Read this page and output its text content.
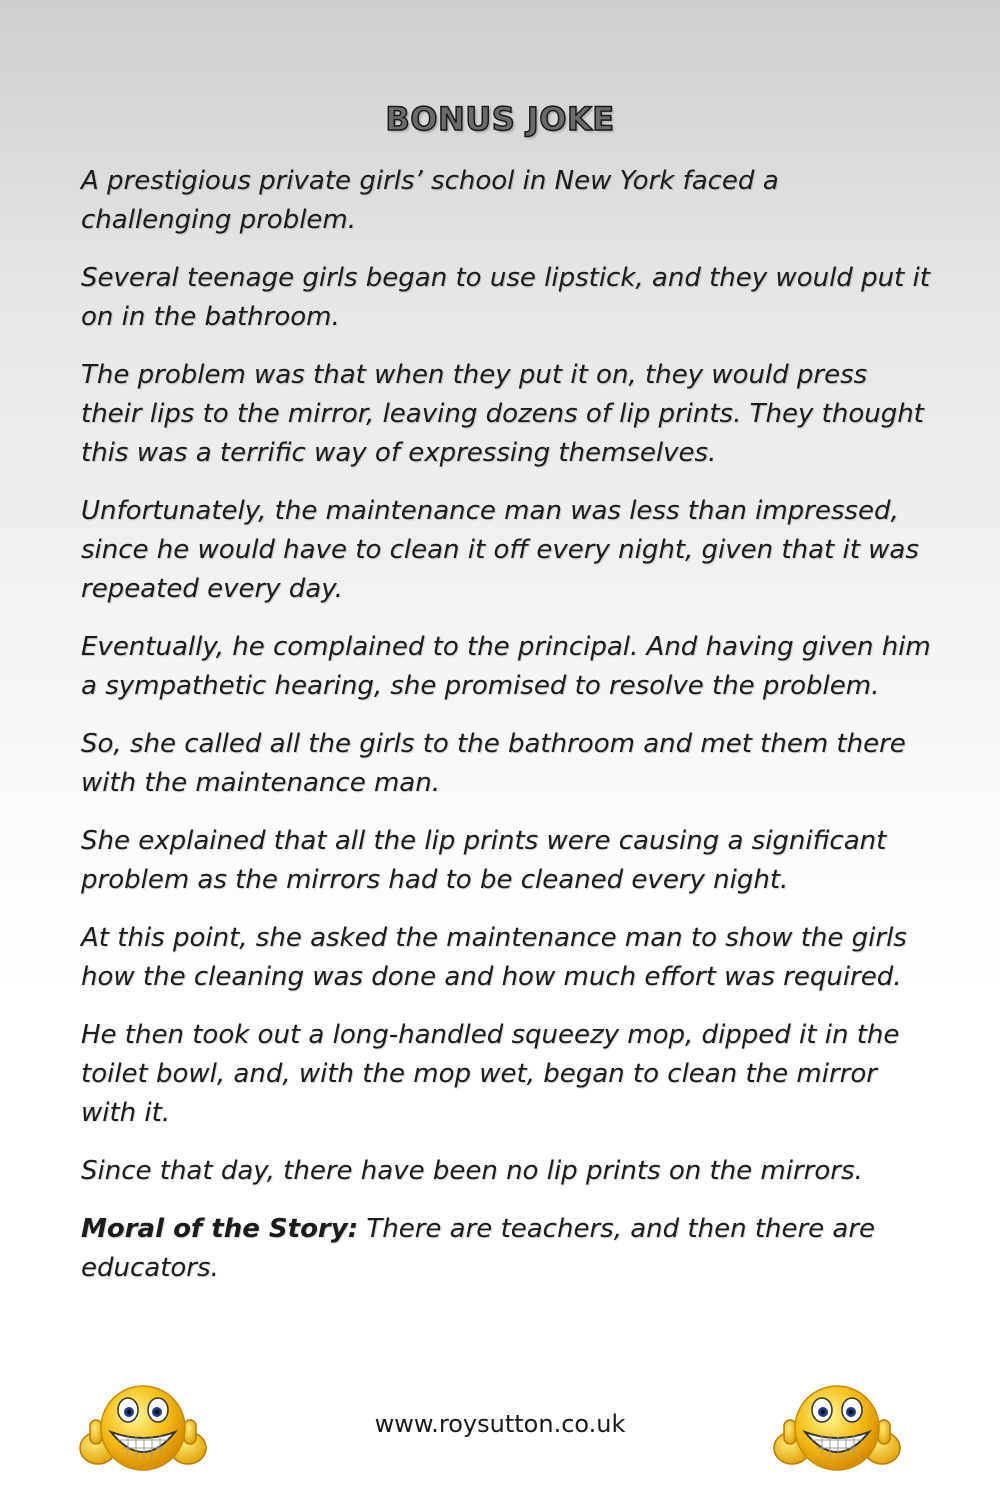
BONUS JOKE

A prestigious private girls’ school in New York faced a challenging problem.

Several teenage girls began to use lipstick, and they would put it on in the bathroom.

The problem was that when they put it on, they would press their lips to the mirror, leaving dozens of lip prints. They thought this was a terrific way of expressing themselves.

Unfortunately, the maintenance man was less than impressed, since he would have to clean it off every night, given that it was repeated every day.

Eventually, he complained to the principal. And having given him a sympathetic hearing, she promised to resolve the problem.

So, she called all the girls to the bathroom and met them there with the maintenance man.

She explained that all the lip prints were causing a significant problem as the mirrors had to be cleaned every night.

At this point, she asked the maintenance man to show the girls how the cleaning was done and how much effort was required.

He then took out a long-handled squeezy mop, dipped it in the toilet bowl, and, with the mop wet, began to clean the mirror with it.

Since that day, there have been no lip prints on the mirrors.

Moral of the Story: There are teachers, and then there are educators.

www.roysutton.co.uk
